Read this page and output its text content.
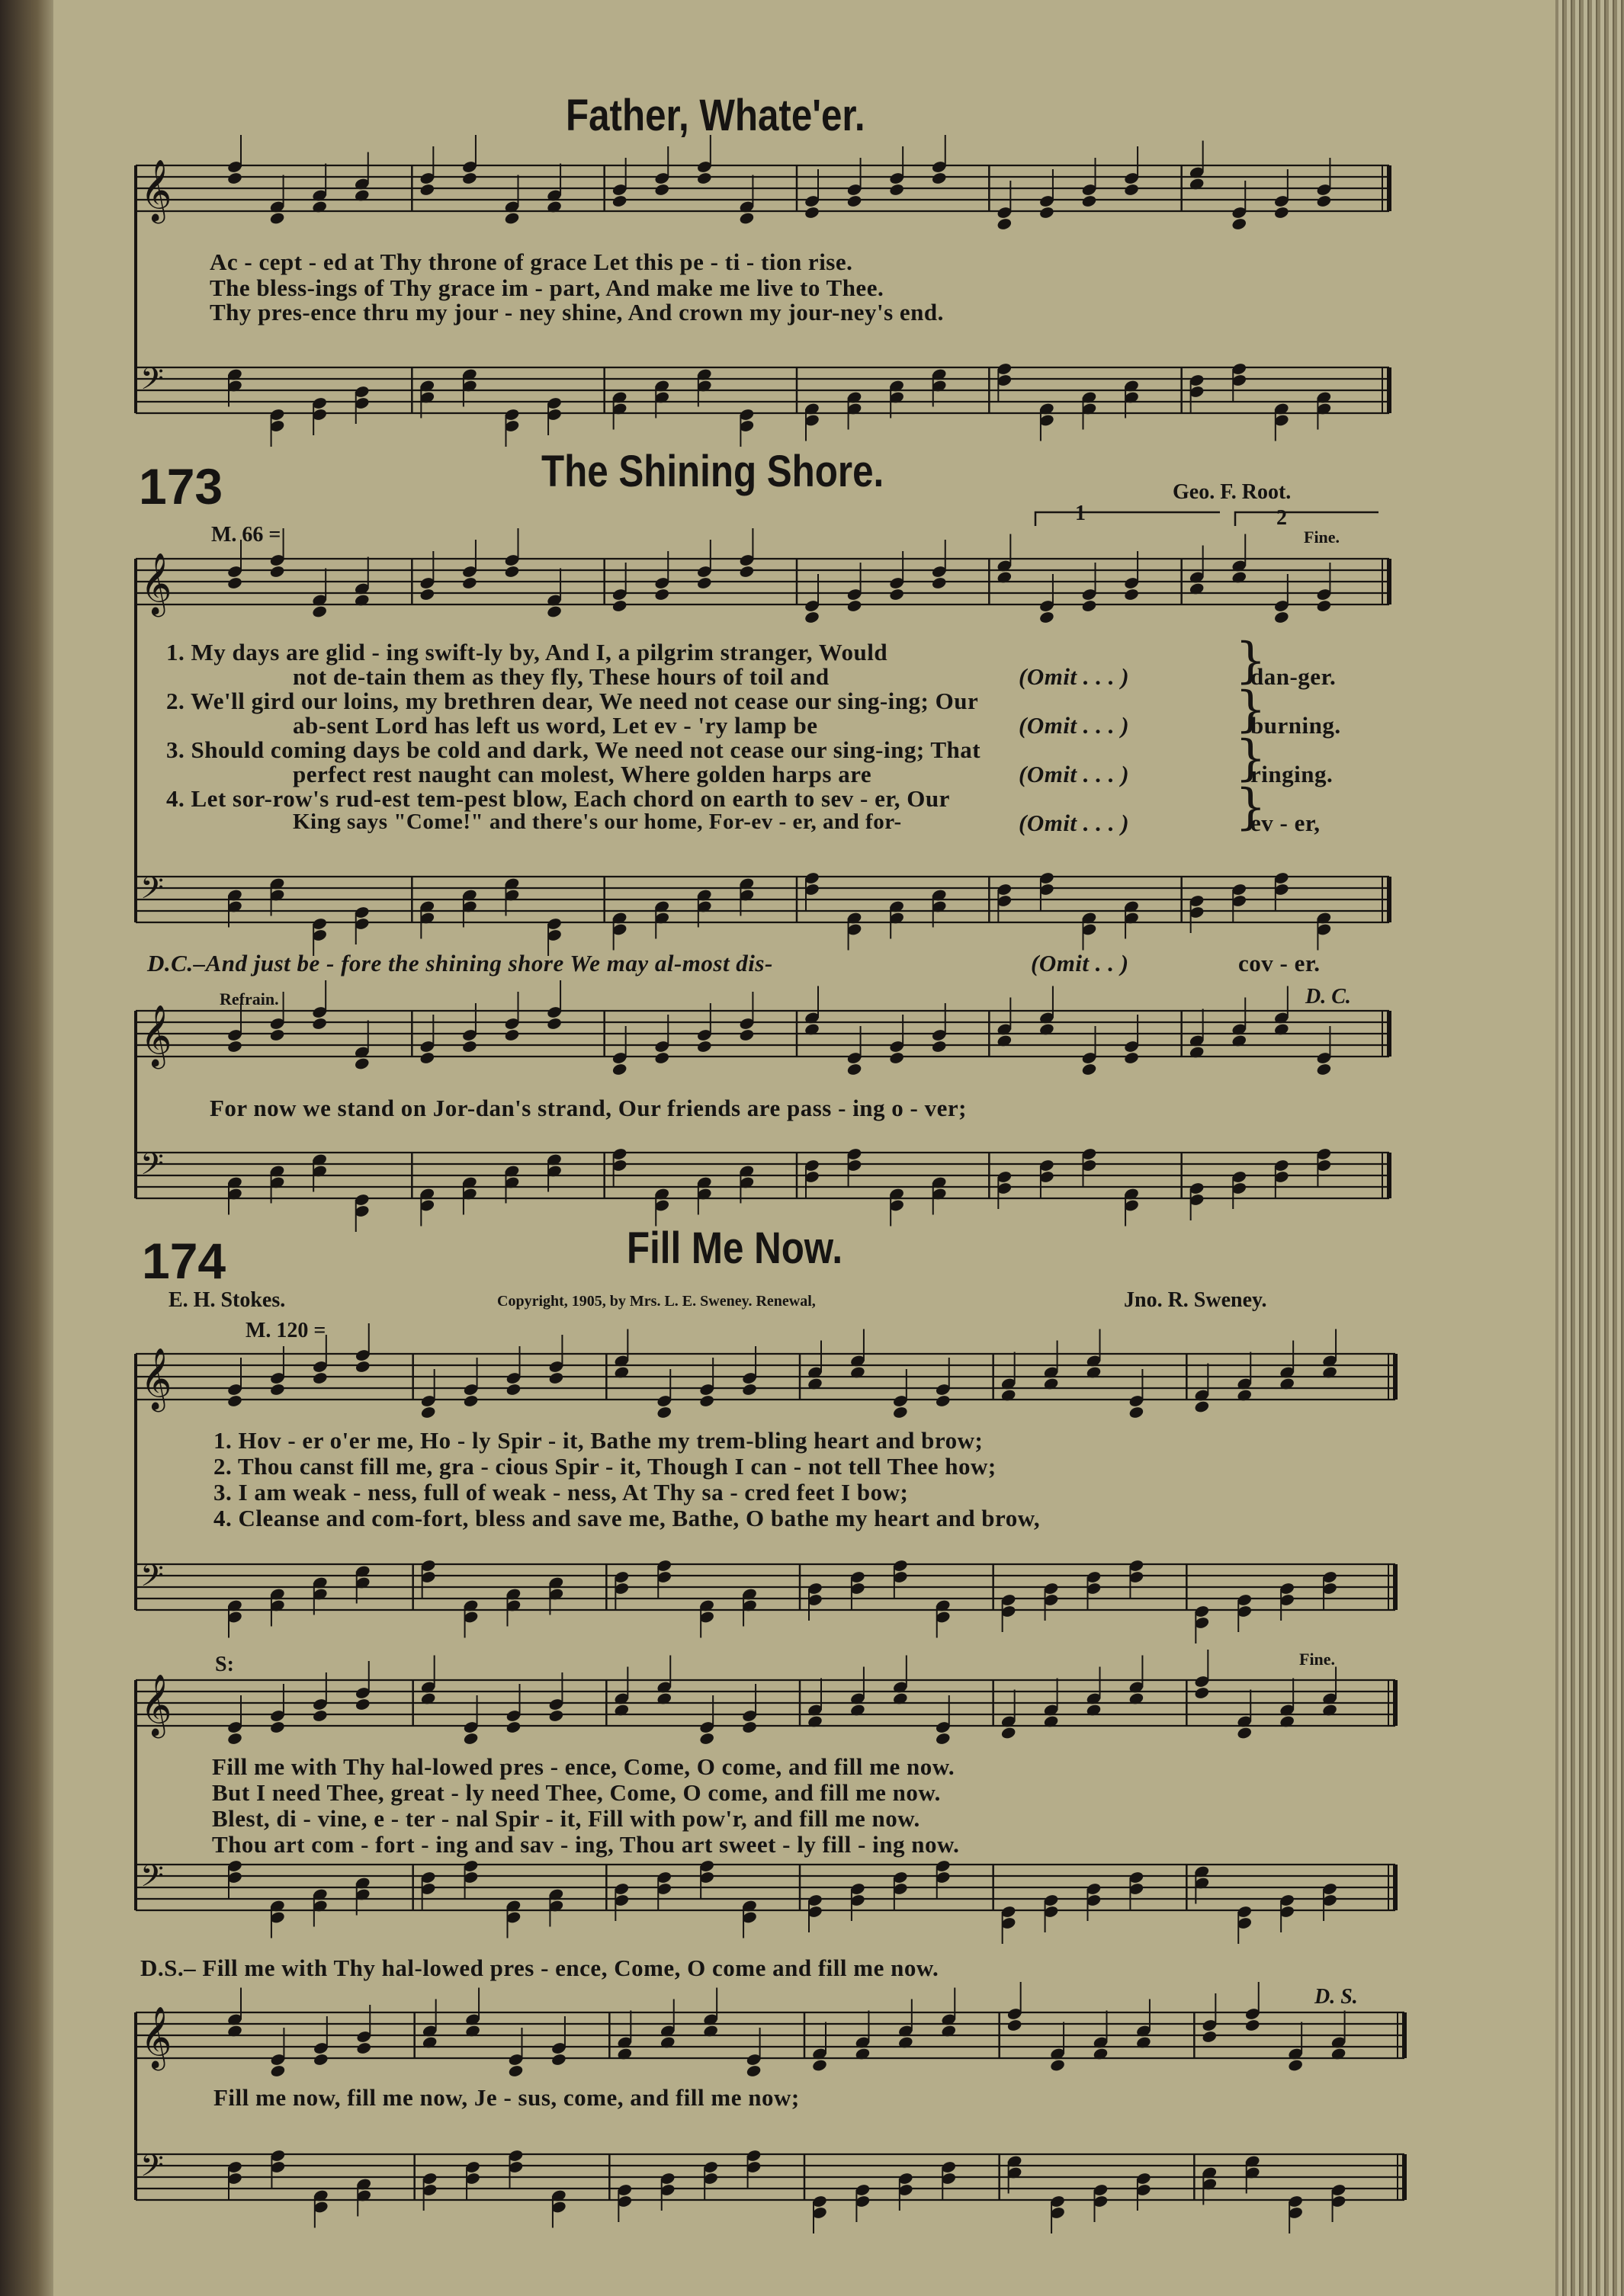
𝄞
𝄢
𝄞
𝄢
𝄞
𝄢
𝄞
𝄢
𝄞
𝄢
𝄞
𝄢
}
}
}
}
Father, Whate'er.
Ac - cept - ed at Thy throne of grace Let this pe - ti - tion rise.
The bless-ings of Thy grace im - part, And make me live to Thee.
Thy pres-ence thru my jour - ney shine, And crown my jour-ney's end.
173	The Shining Shore.	Geo. F. Root.
M. 66 =
1	2
Fine.
1. My days are glid - ing swift-ly by, And I, a pilgrim stranger, Would
not de-tain them as they fly, These hours of toil and	(Omit . . . )	dan-ger.
2. We'll gird our loins, my brethren dear, We need not cease our sing-ing; Our
ab-sent Lord has left us word, Let ev - 'ry lamp be	(Omit . . . )	burning.
3. Should coming days be cold and dark, We need not cease our sing-ing; That
perfect rest naught can molest, Where golden harps are	(Omit . . . )	ringing.
4. Let sor-row's rud-est tem-pest blow, Each chord on earth to sev - er, Our
King says "Come!" and there's our home, For-ev - er, and for-	(Omit . . . )	ev - er,
D.C.–And just be - fore the shining shore We may al-most dis-	(Omit . . )	cov - er.
Refrain.	D. C.
For now we stand on Jor-dan's strand, Our friends are pass - ing o - ver;
174	Fill Me Now.
E. H. Stokes.	Copyright, 1905, by Mrs. L. E. Sweney. Renewal,	Jno. R. Sweney.
M. 120 =
1. Hov - er o'er me, Ho - ly Spir - it, Bathe my trem-bling heart and brow;
2. Thou canst fill me, gra - cious Spir - it, Though I can - not tell Thee how;
3. I am weak - ness, full of weak - ness, At Thy sa - cred feet I bow;
4. Cleanse and com-fort, bless and save me, Bathe, O bathe my heart and brow,
S:	Fine.
Fill me with Thy hal-lowed pres - ence, Come, O come, and fill me now.
But I need Thee, great - ly need Thee, Come, O come, and fill me now.
Blest, di - vine, e - ter - nal Spir - it, Fill with pow'r, and fill me now.
Thou art com - fort - ing and sav - ing, Thou art sweet - ly fill - ing now.
D.S.– Fill me with Thy hal-lowed pres - ence, Come, O come and fill me now.
D. S.
Fill me now, fill me now, Je - sus, come, and fill me now;
